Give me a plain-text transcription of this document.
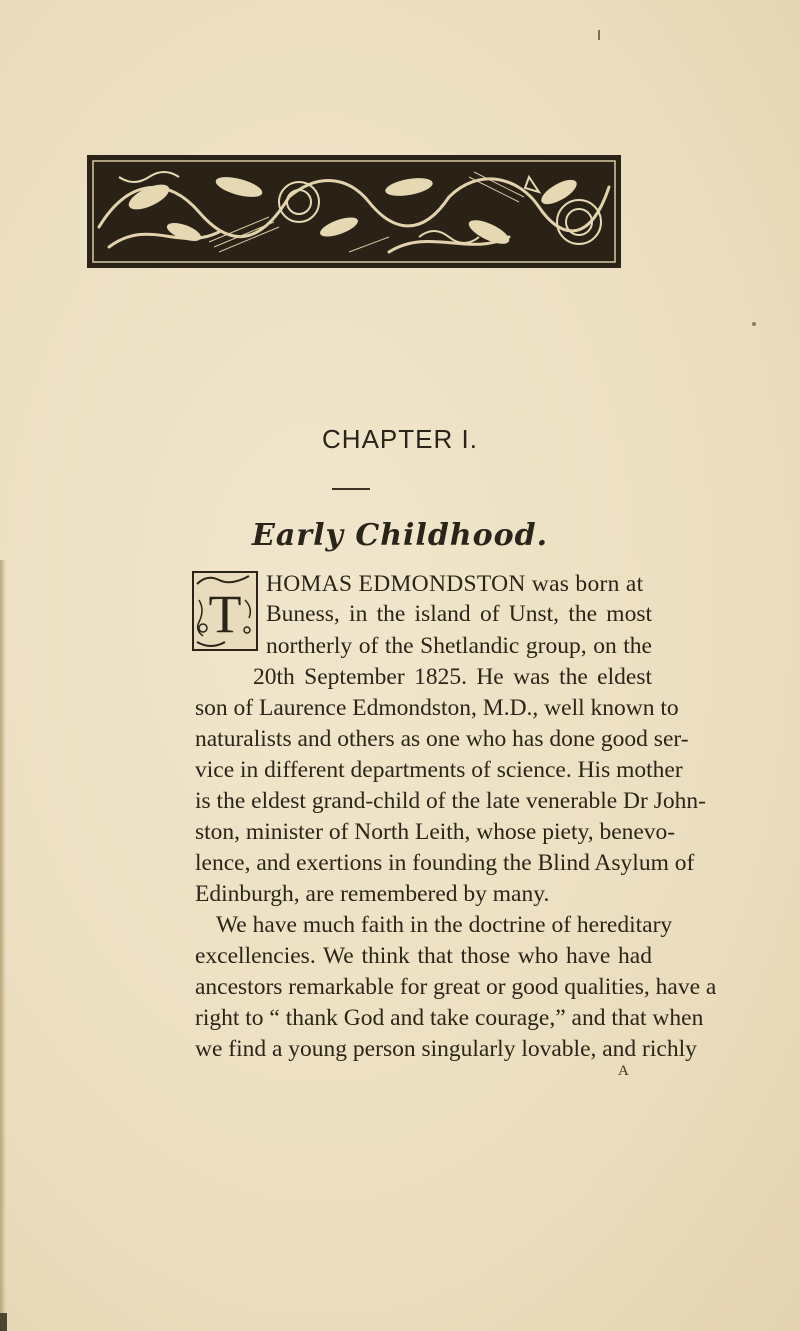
CHAPTER I.
Early Childhood.
T HOMAS EDMONDSTON was born at
Buness, in the island of Unst, the most
northerly of the Shetlandic group, on the
20th September 1825. He was the eldest
son of Laurence Edmondston, M.D., well known to
naturalists and others as one who has done good ser-
vice in different departments of science. His mother
is the eldest grand-child of the late venerable Dr John-
ston, minister of North Leith, whose piety, benevo-
lence, and exertions in founding the Blind Asylum of
Edinburgh, are remembered by many.
We have much faith in the doctrine of hereditary
excellencies. We think that those who have had
ancestors remarkable for great or good qualities, have a
right to “ thank God and take courage,” and that when
we find a young person singularly lovable, and richly
A
